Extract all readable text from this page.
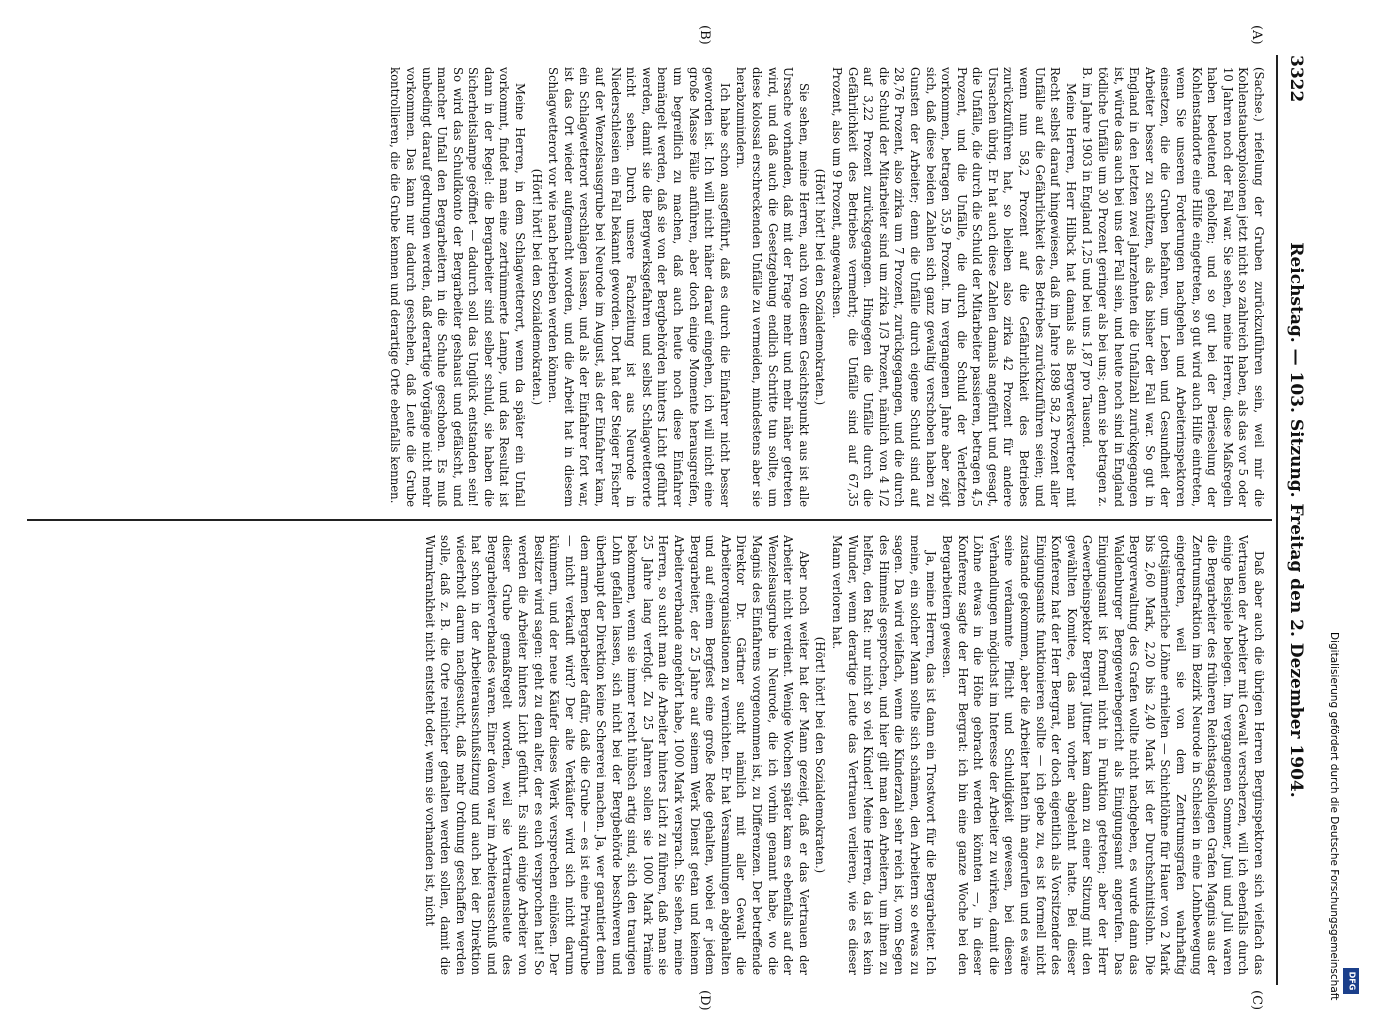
3322
Reichstag. — 103. Sitzung. Freitag den 2. Dezember 1904.
(A)
(B)
(C)
(D)

(Sachse.) riefelung der Gruben zurückzuführen sein, weil mir die Kohlenstaubexplosionen jetzt nicht so zahlreich haben, als das vor 5 oder 10 Jahren noch der Fall war. Sie sehen, meine Herren, diese Maßregeln haben bedeutend geholfen; und so gut bei der Berieselung der Kohlenstandorte eine Hilfe eingetreten, so gut wird auch Hilfe eintreten, wenn Sie unseren Forderungen nachgehen und Arbeiterinspektoren einsetzen, die die Gruben befahren, um Leben und Gesundheit der Arbeiter besser zu schützen, als das bisher der Fall war. So gut in England in den letzten zwei Jahrzehnten die Unfallzahl zurückgegangen ist, würde das auch bei uns der Fall sein, und heute noch sind in England tödliche Unfälle um 30 Prozent geringer als bei uns; denn sie betragen z. B. im Jahre 1903 in England 1,25 und bei uns 1,87 pro Tausend.

Meine Herren, Herr Hilbck hat damals als Bergwerksvertreter mit Recht selbst darauf hingewiesen, daß im Jahre 1898 58,2 Prozent aller Unfälle auf die Gefährlichkeit des Betriebes zurückzuführen seien; und wenn nun 58,2 Prozent auf die Gefährlichkeit des Betriebes zurückzuführen hat, so bleiben also zirka 42 Prozent für andere Ursachen übrig. Er hat auch diese Zahlen damals angeführt und gesagt, die Unfälle, die durch die Schuld der Mitarbeiter passieren, betragen 4,5 Prozent, und die Unfälle, die durch die Schuld der Verletzten vorkommen, betragen 35,9 Prozent. Im vergangenen Jahre aber zeigt sich, daß diese beiden Zahlen sich ganz gewaltig verschoben haben zu Gunsten der Arbeiter; denn die Unfälle durch eigene Schuld sind auf 28,76 Prozent, also zirka um 7 Prozent, zurückgegangen, und die durch die Schuld der Mitarbeiter sind um zirka 1/3 Prozent, nämlich von 4 1/2 auf 3,22 Prozent zurückgegangen. Hingegen die Unfälle durch die Gefährlichkeit des Betriebes vermehrt; die Unfälle sind auf 67,35 Prozent, also um 9 Prozent, angewachsen.

(Hört! hört! bei den Sozialdemokraten.)

Sie sehen, meine Herren, auch von diesem Gesichtspunkt aus ist alle Ursache vorhanden, daß mit der Frage mehr und mehr näher getreten wird, und daß auch die Gesetzgebung endlich Schritte tun sollte, um diese kolossal erschreckenden Unfälle zu vermeiden, mindestens aber sie herabzumindern.

Ich habe schon ausgeführt, daß es durch die Einfahrer nicht besser geworden ist. Ich will nicht näher darauf eingehen, ich will nicht eine große Masse Fälle anführen, aber doch einige Momente herausgreifen, um begreiflich zu machen, daß auch heute noch diese Einfahrer bemängelt werden, daß sie von der Bergbehörden hinters Licht geführt werden, damit sie die Bergwerksgefahren und selbst Schlagwetterorte nicht sehen. Durch unsere Fachzeitung ist aus Neurode in Niederschlesien ein Fall bekannt geworden. Dort hat der Steiger Fischer auf der Wenzelsausgrube bei Neurode im August, als der Einfahrer kam, ein Schlagwetterort verschlagen lassen, und als der Einfahrer fort war, ist das Ort wieder aufgemacht worden, und die Arbeit hat in diesem Schlagwetterort vor wie nach betrieben werden können.

(Hört! hört! bei den Sozialdemokraten.)

Meine Herren, in dem Schlagwetterort, wenn da später ein Unfall vorkommt, findet man eine zertrümmerte Lampe, und das Resultat ist dann in der Regel: die Bergarbeiter sind selber schuld, sie haben die Sicherheitslampe geöffnet — dadurch soll das Unglück entstanden sein! So wird das Schuldkonto der Bergarbeiter geshaust und gefälscht, und mancher Unfall den Bergarbeitern in die Schuhe geschoben. Es muß unbedingt darauf gedrungen werden, daß derartige Vorgänge nicht mehr vorkommen. Das kann nur dadurch geschehen, daß Leute die Grube kontrollieren, die die Grube kennen und derartige Orte ebenfalls kennen.

Daß aber auch die übrigen Herren Berginspektoren sich vielfach das Vertrauen der Arbeiter mit Gewalt verscherzen, will ich ebenfalls durch einige Beispiele belegen. Im vergangenen Sommer, Juni und Juli waren die Bergarbeiter des früheren Reichstagskollegen Grafen Magnis aus der Zentrumsfraktion im Bezirk Neurode in Schlesien in eine Lohnbewegung eingetreten, weil sie von dem Zentrumsgrafen wahrhaftig gottsjämmerliche Löhne erhielten — Schichtlöhne für Hauer von 2 Mark bis 2,60 Mark, 2,20 bis 2,40 Mark ist der Durchschnittslohn. Die Bergverwaltung des Grafen wollte nicht nachgeben, es wurde dann das Waldenburger Berggewerbegericht als Einigungsamt angerufen. Das Einigungsamt ist formell nicht in Funktion getreten; aber der Herr Gewerbeinspektor Bergrat Jüttner kam dann zu einer Sitzung mit den gewählten Komitee, das man vorher abgelehnt hatte. Bei dieser Konferenz hat der Herr Bergrat, der doch eigentlich als Vorsitzender des Einigungsamts funktionieren sollte — ich gebe zu, es ist formell nicht zustande gekommen, aber die Arbeiter hatten ihn angerufen und es wäre seine verdammte Pflicht und Schuldigkeit gewesen, bei diesen Verhandlungen möglichst im Interesse der Arbeiter zu wirken, damit die Löhne etwas in die Höhe gebracht werden könnten —, in dieser Konferenz sagte der Herr Bergrat: ich bin eine ganze Woche bei den Bergarbeitern gewesen.

Ja, meine Herren, das ist dann ein Trostwort für die Bergarbeiter. Ich meine, ein solcher Mann sollte sich schämen, den Arbeitern so etwas zu sagen. Da wird vielfach, wenn die Kinderzahl sehr reich ist, vom Segen des Himmels gesprochen, und hier gilt man den Arbeitern, um ihnen zu helfen, den Rat: nur nicht so viel Kinder! Meine Herren, da ist es kein Wunder, wenn derartige Leute das Vertrauen verlieren, wie es dieser Mann verloren hat.

(Hört! hört! bei den Sozialdemokraten.)

Aber noch weiter hat der Mann gezeigt, daß er das Vertrauen der Arbeiter nicht verdient. Wenige Wochen später kam es ebenfalls auf der Wenzelsausgrube in Neurode, die ich vorhin genannt habe, wo die Magnis des Einfahrens vorgenommen ist, zu Differenzen. Der betreffende Direktor Dr. Gärtner sucht nämlich mit aller Gewalt die Arbeiterorganisationen zu vernichten. Er hat Versammlungen abgehalten und auf einem Bergfest eine große Rede gehalten, wobei er jedem Bergarbeiter, der 25 Jahre auf seinem Werk Dienst getan und keinem Arbeiterverbande angehört habe, 1000 Mark versprach. Sie sehen, meine Herren, so sucht man die Arbeiter hinters Licht zu führen, daß man sie 25 Jahre lang verfolgt. Zu 25 Jahren sollen sie 1000 Mark Prämie bekommen, wenn sie immer recht hübsch artig sind, sich den traurigen Lohn gefallen lassen, sich nicht bei der Bergbehörde beschweren und überhaupt der Direktion keine Schererei machen. Ja, wer garantiert denn dem armen Bergarbeiter dafür, daß die Grube — es ist eine Privatgrube — nicht verkauft wird? Der alte Verkäufer wird sich nicht darum kümmern, und der neue Käufer dieses Werk versprechen einlösen. Der Besitzer wird sagen: geht zu dem alter, der es euch versprochen hat! So werden die Arbeiter hinters Licht geführt. Es sind einige Arbeiter von dieser Grube gemaßregelt worden, weil sie Vertrauensleute des Bergarbeiterverbandes waren. Einer davon war im Arbeiterausschuß und hat schon in der Arbeiterausschußsitzung und auch bei der Direktion wiederholt darum nachgesucht, daß mehr Ordnung geschaffen werden solle, daß z. B. die Orte reinlicher gehalten werden sollen, damit die Wurmkrankheit nicht entsteht oder, wenn sie vorhanden ist, nicht	Digitalisierung gefördert durch die Deutsche Forschungsgemeinschaft DFG
